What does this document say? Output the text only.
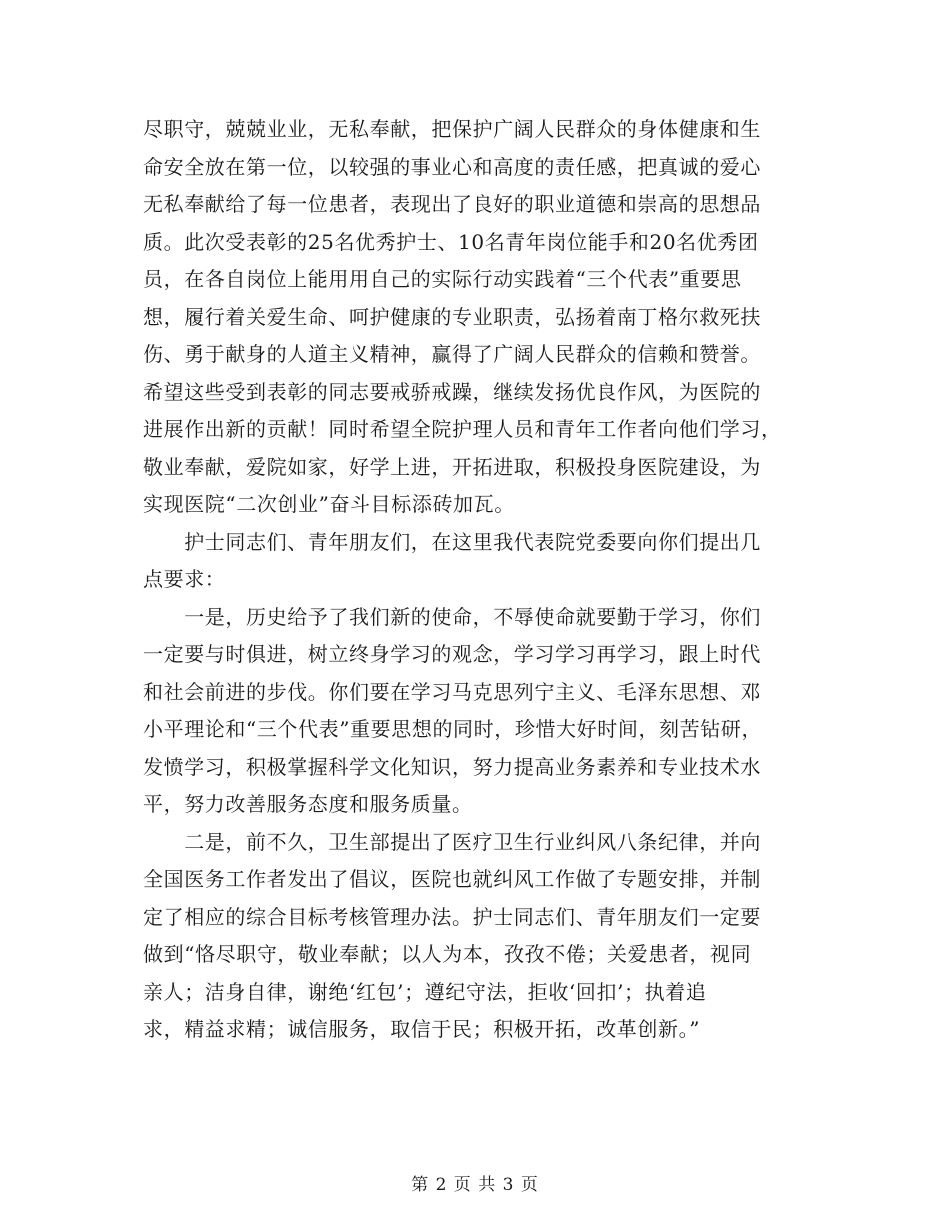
尽职守，兢兢业业，无私奉献，把保护广阔人民群众的身体健康和生
命安全放在第一位，以较强的事业心和高度的责任感，把真诚的爱心
无私奉献给了每一位患者，表现出了良好的职业道德和崇高的思想品
质。此次受表彰的25名优秀护士、10名青年岗位能手和20名优秀团
员，在各自岗位上能用用自己的实际行动实践着“三个代表”重要思
想，履行着关爱生命、呵护健康的专业职责，弘扬着南丁格尔救死扶
伤、勇于献身的人道主义精神，赢得了广阔人民群众的信赖和赞誉。
希望这些受到表彰的同志要戒骄戒躁，继续发扬优良作风，为医院的
进展作出新的贡献！同时希望全院护理人员和青年工作者向他们学习，
敬业奉献，爱院如家，好学上进，开拓进取，积极投身医院建设，为
实现医院“二次创业”奋斗目标添砖加瓦。
　　护士同志们、青年朋友们，在这里我代表院党委要向你们提出几
点要求：
　　一是，历史给予了我们新的使命，不辱使命就要勤于学习，你们
一定要与时俱进，树立终身学习的观念，学习学习再学习，跟上时代
和社会前进的步伐。你们要在学习马克思列宁主义、毛泽东思想、邓
小平理论和“三个代表”重要思想的同时，珍惜大好时间，刻苦钻研，
发愤学习，积极掌握科学文化知识，努力提高业务素养和专业技术水
平，努力改善服务态度和服务质量。
　　二是，前不久，卫生部提出了医疗卫生行业纠风八条纪律，并向
全国医务工作者发出了倡议，医院也就纠风工作做了专题安排，并制
定了相应的综合目标考核管理办法。护士同志们、青年朋友们一定要
做到“恪尽职守，敬业奉献；以人为本，孜孜不倦；关爱患者，视同
亲人；洁身自律，谢绝‘红包’；遵纪守法，拒收‘回扣’；执着追
求，精益求精；诚信服务，取信于民；积极开拓，改革创新。”
第 2 页 共 3 页
